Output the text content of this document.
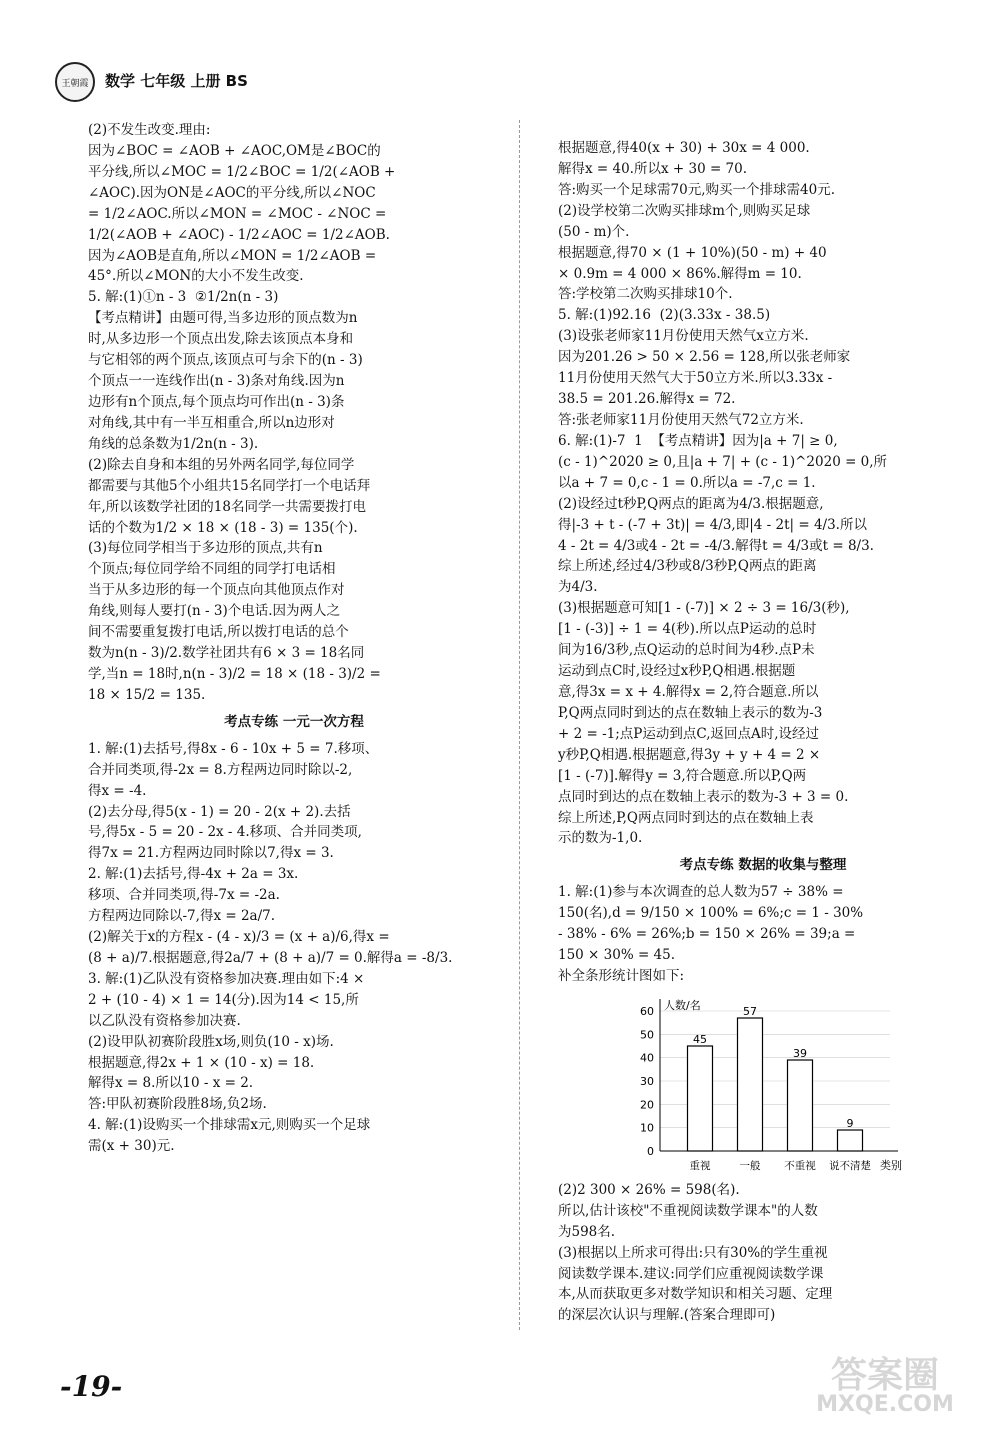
王朝霞	数学 七年级 上册 BS
(2)不发生改变.理由:
因为∠BOC = ∠AOB + ∠AOC,OM是∠BOC的
平分线,所以∠MOC = 1/2∠BOC = 1/2(∠AOB +
∠AOC).因为ON是∠AOC的平分线,所以∠NOC
= 1/2∠AOC.所以∠MON = ∠MOC - ∠NOC =
1/2(∠AOB + ∠AOC) - 1/2∠AOC = 1/2∠AOB.
因为∠AOB是直角,所以∠MON = 1/2∠AOB =
45°.所以∠MON的大小不发生改变.
5. 解:(1)①n - 3  ②1/2n(n - 3)
【考点精讲】由题可得,当多边形的顶点数为n
时,从多边形一个顶点出发,除去该顶点本身和
与它相邻的两个顶点,该顶点可与余下的(n - 3)
个顶点一一连线作出(n - 3)条对角线.因为n
边形有n个顶点,每个顶点均可作出(n - 3)条
对角线,其中有一半互相重合,所以n边形对
角线的总条数为1/2n(n - 3).
(2)除去自身和本组的另外两名同学,每位同学
都需要与其他5个小组共15名同学打一个电话拜
年,所以该数学社团的18名同学一共需要拨打电
话的个数为1/2 × 18 × (18 - 3) = 135(个).
(3)每位同学相当于多边形的顶点,共有n
个顶点;每位同学给不同组的同学打电话相
当于从多边形的每一个顶点向其他顶点作对
角线,则每人要打(n - 3)个电话.因为两人之
间不需要重复拨打电话,所以拨打电话的总个
数为n(n - 3)/2.数学社团共有6 × 3 = 18名同
学,当n = 18时,n(n - 3)/2 = 18 × (18 - 3)/2 =
18 × 15/2 = 135.
考点专练 一元一次方程
1. 解:(1)去括号,得8x - 6 - 10x + 5 = 7.移项、
合并同类项,得-2x = 8.方程两边同时除以-2,
得x = -4.
(2)去分母,得5(x - 1) = 20 - 2(x + 2).去括
号,得5x - 5 = 20 - 2x - 4.移项、合并同类项,
得7x = 21.方程两边同时除以7,得x = 3.
2. 解:(1)去括号,得-4x + 2a = 3x.
移项、合并同类项,得-7x = -2a.
方程两边同除以-7,得x = 2a/7.
(2)解关于x的方程x - (4 - x)/3 = (x + a)/6,得x =
(8 + a)/7.根据题意,得2a/7 + (8 + a)/7 = 0.解得a = -8/3.
3. 解:(1)乙队没有资格参加决赛.理由如下:4 ×
2 + (10 - 4) × 1 = 14(分).因为14 < 15,所
以乙队没有资格参加决赛.
(2)设甲队初赛阶段胜x场,则负(10 - x)场.
根据题意,得2x + 1 × (10 - x) = 18.
解得x = 8.所以10 - x = 2.
答:甲队初赛阶段胜8场,负2场.
4. 解:(1)设购买一个排球需x元,则购买一个足球
需(x + 30)元.
根据题意,得40(x + 30) + 30x = 4 000.
解得x = 40.所以x + 30 = 70.
答:购买一个足球需70元,购买一个排球需40元.
(2)设学校第二次购买排球m个,则购买足球
(50 - m)个.
根据题意,得70 × (1 + 10%)(50 - m) + 40
× 0.9m = 4 000 × 86%.解得m = 10.
答:学校第二次购买排球10个.
5. 解:(1)92.16  (2)(3.33x - 38.5)
(3)设张老师家11月份使用天然气x立方米.
因为201.26 > 50 × 2.56 = 128,所以张老师家
11月份使用天然气大于50立方米.所以3.33x -
38.5 = 201.26.解得x = 72.
答:张老师家11月份使用天然气72立方米.
6. 解:(1)-7  1  【考点精讲】因为|a + 7| ≥ 0,
(c - 1)^2020 ≥ 0,且|a + 7| + (c - 1)^2020 = 0,所
以a + 7 = 0,c - 1 = 0.所以a = -7,c = 1.
(2)设经过t秒P,Q两点的距离为4/3.根据题意,
得|-3 + t - (-7 + 3t)| = 4/3,即|4 - 2t| = 4/3.所以
4 - 2t = 4/3或4 - 2t = -4/3.解得t = 4/3或t = 8/3.
综上所述,经过4/3秒或8/3秒P,Q两点的距离
为4/3.
(3)根据题意可知[1 - (-7)] × 2 ÷ 3 = 16/3(秒),
[1 - (-3)] ÷ 1 = 4(秒).所以点P运动的总时
间为16/3秒,点Q运动的总时间为4秒.点P未
运动到点C时,设经过x秒P,Q相遇.根据题
意,得3x = x + 4.解得x = 2,符合题意.所以
P,Q两点同时到达的点在数轴上表示的数为-3
+ 2 = -1;点P运动到点C,返回点A时,设经过
y秒P,Q相遇.根据题意,得3y + y + 4 = 2 ×
[1 - (-7)].解得y = 3,符合题意.所以P,Q两
点同时到达的点在数轴上表示的数为-3 + 3 = 0.
综上所述,P,Q两点同时到达的点在数轴上表
示的数为-1,0.
考点专练 数据的收集与整理
1. 解:(1)参与本次调查的总人数为57 ÷ 38% =
150(名),d = 9/150 × 100% = 6%;c = 1 - 30%
- 38% - 6% = 26%;b = 150 × 26% = 39;a =
150 × 30% = 45.
补全条形统计图如下:
0
10
20
30
40
50
60 人数/名
类别
45
重视
57
一般
39
不重视
9
说不清楚
(2)2 300 × 26% = 598(名).
所以,估计该校"不重视阅读数学课本"的人数
为598名.
(3)根据以上所求可得出:只有30%的学生重视
阅读数学课本.建议:同学们应重视阅读数学课
本,从而获取更多对数学知识和相关习题、定理
的深层次认识与理解.(答案合理即可)
-19-	答案圈
MXQE.COM
